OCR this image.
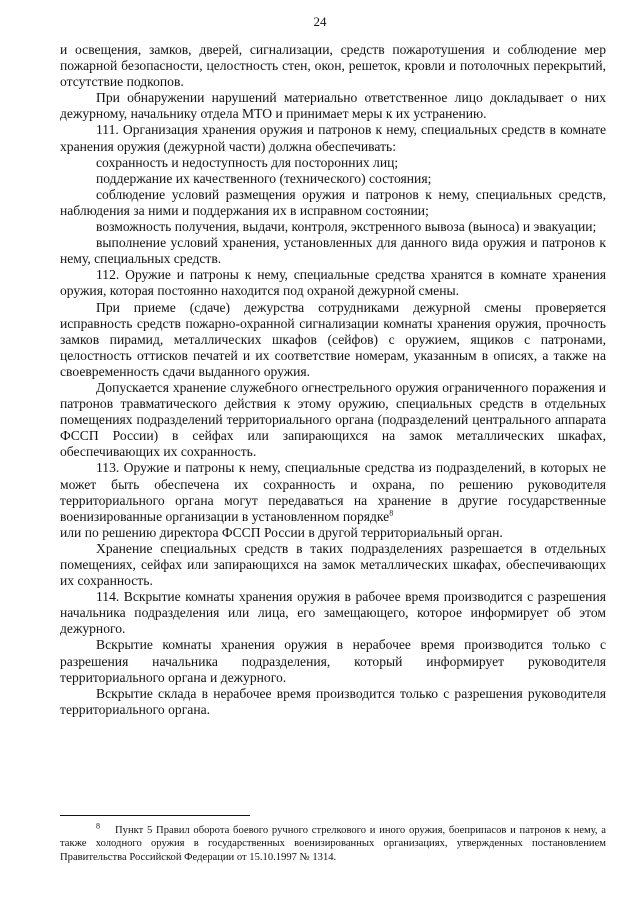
24

и освещения, замков, дверей, сигнализации, средств пожаротушения и соблюдение мер пожарной безопасности, целостность стен, окон, решеток, кровли и потолочных перекрытий, отсутствие подкопов.

При обнаружении нарушений материально ответственное лицо докладывает о них дежурному, начальнику отдела МТО и принимает меры к их устранению.

111. Организация хранения оружия и патронов к нему, специальных средств в комнате хранения оружия (дежурной части) должна обеспечивать:

сохранность и недоступность для посторонних лиц;

поддержание их качественного (технического) состояния;

соблюдение условий размещения оружия и патронов к нему, специальных средств, наблюдения за ними и поддержания их в исправном состоянии;

возможность получения, выдачи, контроля, экстренного вывоза (выноса) и эвакуации;

выполнение условий хранения, установленных для данного вида оружия и патронов к нему, специальных средств.

112. Оружие и патроны к нему, специальные средства хранятся в комнате хранения оружия, которая постоянно находится под охраной дежурной смены.

При приеме (сдаче) дежурства сотрудниками дежурной смены проверяется исправность средств пожарно-охранной сигнализации комнаты хранения оружия, прочность замков пирамид, металлических шкафов (сейфов) с оружием, ящиков с патронами, целостность оттисков печатей и их соответствие номерам, указанным в описях, а также на своевременность сдачи выданного оружия.

Допускается хранение служебного огнестрельного оружия ограниченного поражения и патронов травматического действия к этому оружию, специальных средств в отдельных помещениях подразделений территориального органа (подразделений центрального аппарата ФССП России) в сейфах или запирающихся на замок металлических шкафах, обеспечивающих их сохранность.

113. Оружие и патроны к нему, специальные средства из подразделений, в которых не может быть обеспечена их сохранность и охрана, по решению руководителя территориального органа могут передаваться на хранение в другие государственные военизированные организации в установленном порядке$^8$

или по решению директора ФССП России в другой территориальный орган.

Хранение специальных средств в таких подразделениях разрешается в отдельных помещениях, сейфах или запирающихся на замок металлических шкафах, обеспечивающих их сохранность.

114. Вскрытие комнаты хранения оружия в рабочее время производится с разрешения начальника подразделения или лица, его замещающего, которое информирует об этом дежурного.

Вскрытие комнаты хранения оружия в нерабочее время производится только с разрешения начальника подразделения, который информирует руководителя территориального органа и дежурного.

Вскрытие склада в нерабочее время производится только с разрешения руководителя территориального органа.

$^8$ Пункт 5 Правил оборота боевого ручного стрелкового и иного оружия, боеприпасов и патронов к нему, а также холодного оружия в государственных военизированных организациях, утвержденных постановлением Правительства Российской Федерации от 15.10.1997 № 1314.
